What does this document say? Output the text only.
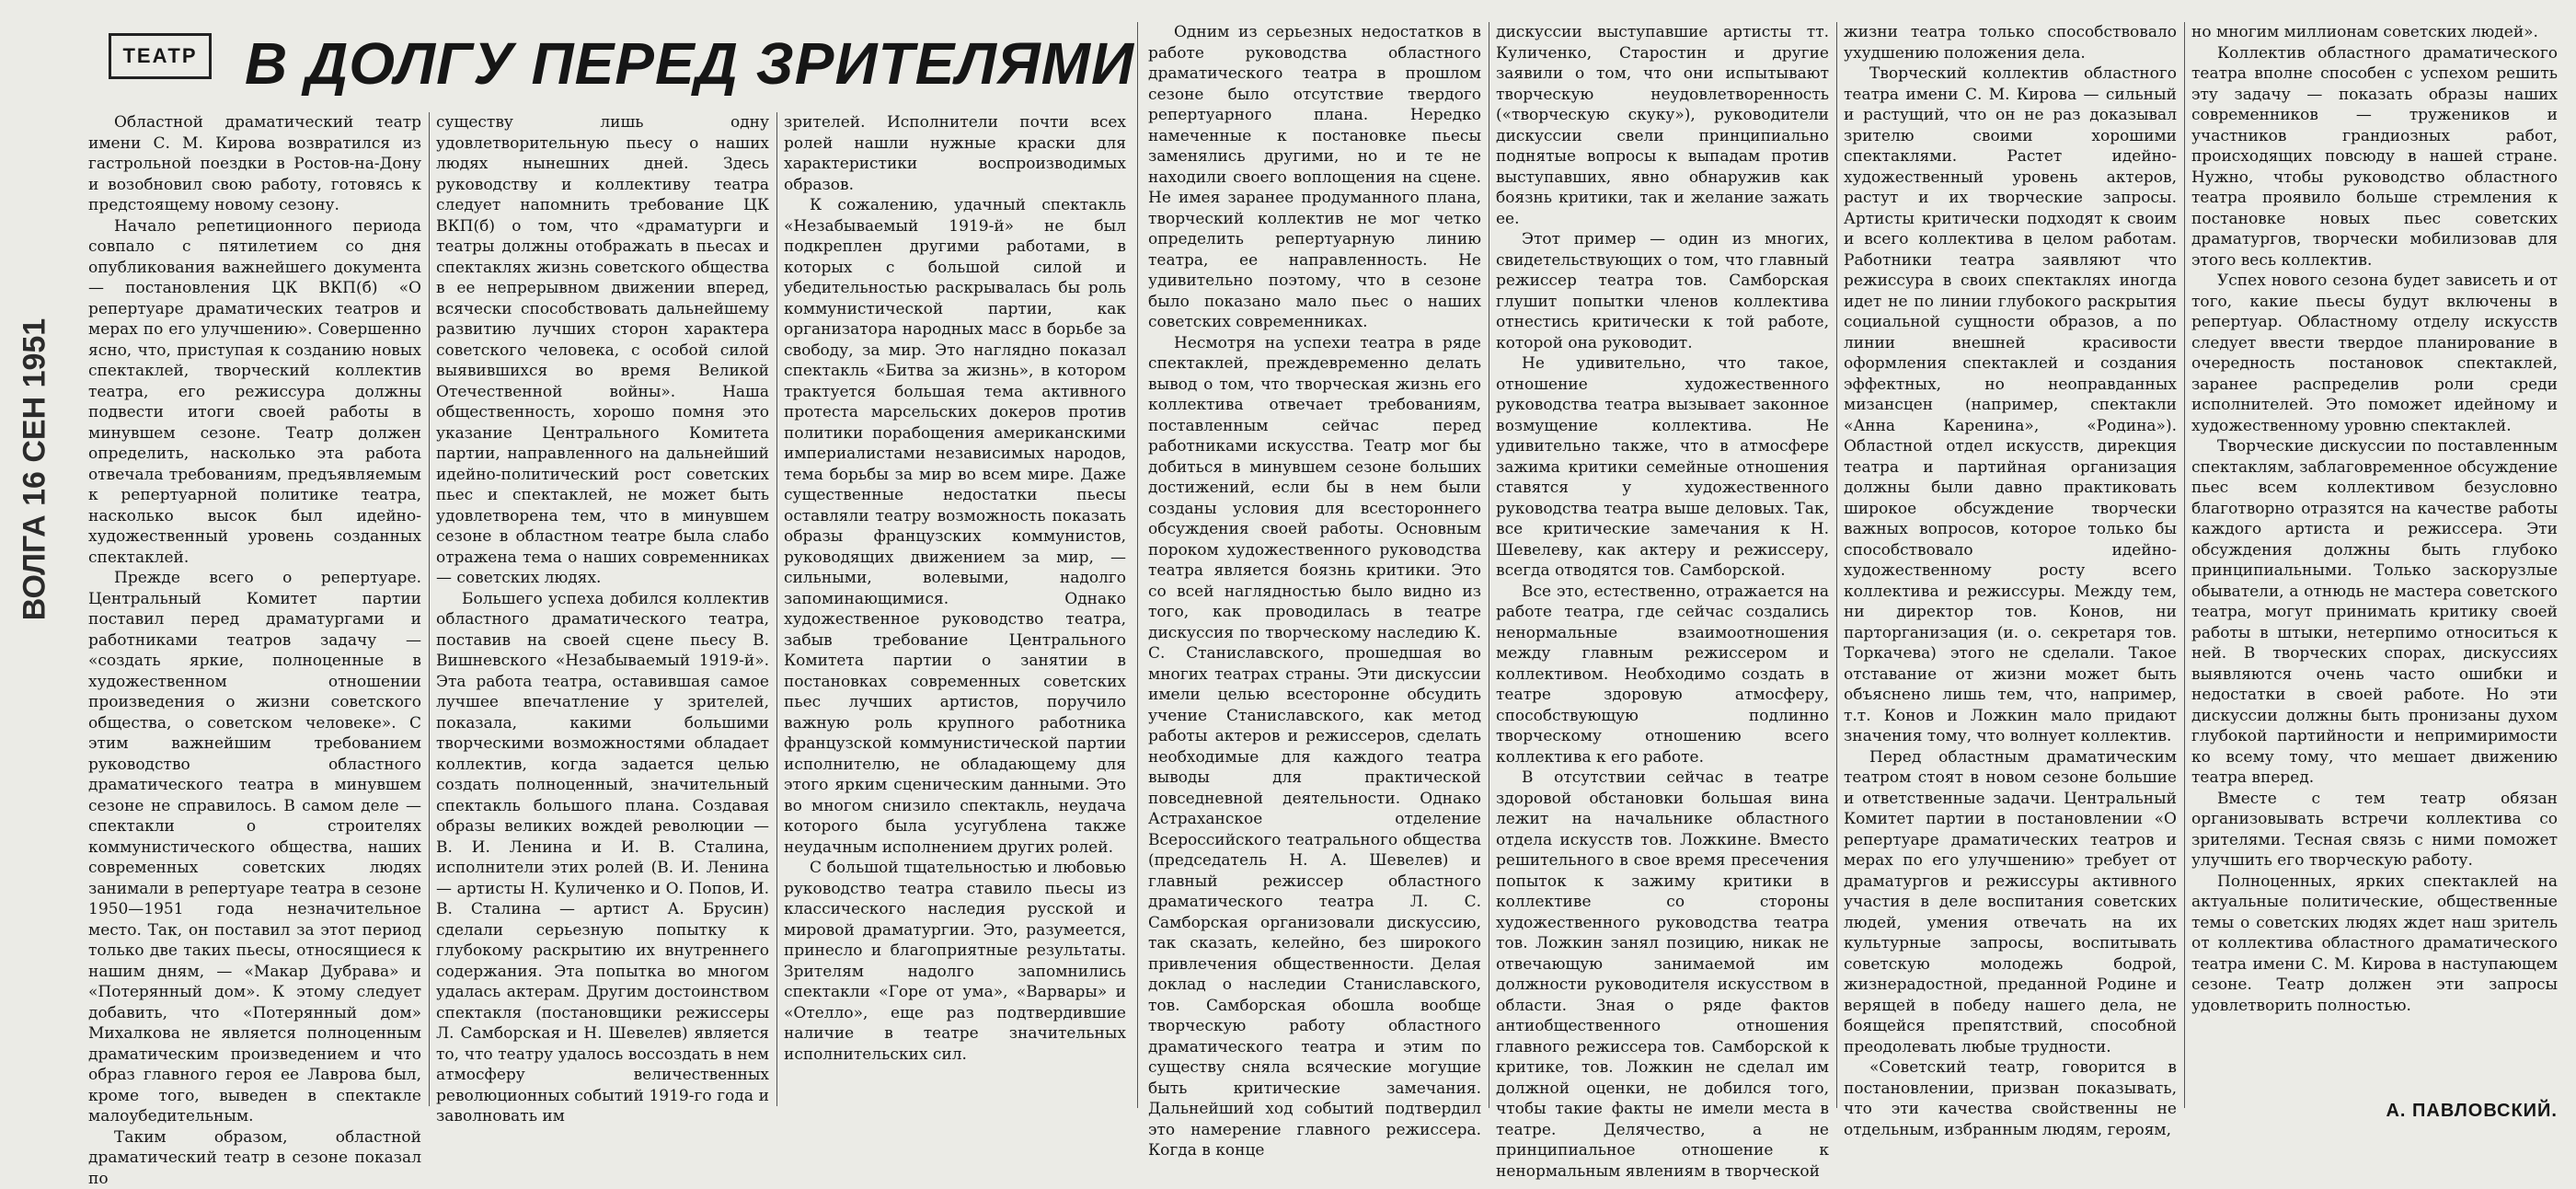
ТЕАТР В ДОЛГУ ПЕРЕД ЗРИТЕЛЯМИ
ВОЛГА 16 СЕН 1951

Областной драматический театр имени С. М. Кирова возвратился из гастрольной поездки в Ростов-на-Дону и возобновил свою работу, готовясь к предстоящему новому сезону.

Начало репетиционного периода совпало с пятилетием со дня опубликования важнейшего документа — постановления ЦК ВКП(б) «О репертуаре драматических театров и мерах по его улучшению». Совершенно ясно, что, приступая к созданию новых спектаклей, творческий коллектив театра, его режиссура должны подвести итоги своей работы в минувшем сезоне. Театр должен определить, насколько эта работа отвечала требованиям, предъявляемым к репертуарной политике театра, насколько высок был идейно-художественный уровень созданных спектаклей.

Прежде всего о репертуаре. Центральный Комитет партии поставил перед драматургами и работниками театров задачу — «создать яркие, полноценные в художественном отношении произведения о жизни советского общества, о советском человеке». С этим важнейшим требованием руководство областного драматического театра в минувшем сезоне не справилось. В самом деле — спектакли о строителях коммунистического общества, наших современных советских людях занимали в репертуаре театра в сезоне 1950—1951 года незначительное место. Так, он поставил за этот период только две таких пьесы, относящиеся к нашим дням, — «Макар Дубрава» и «Потерянный дом». К этому следует добавить, что «Потерянный дом» Михалкова не является полноценным драматическим произведением и что образ главного героя ее Лаврова был, кроме того, выведен в спектакле малоубедительным.

Таким образом, областной драматический театр в сезоне показал по

существу лишь одну удовлетворительную пьесу о наших людях нынешних дней. Здесь руководству и коллективу театра следует напомнить требование ЦК ВКП(б) о том, что «драматурги и театры должны отображать в пьесах и спектаклях жизнь советского общества в ее непрерывном движении вперед, всячески способствовать дальнейшему развитию лучших сторон характера советского человека, с особой силой выявившихся во время Великой Отечественной войны». Наша общественность, хорошо помня это указание Центрального Комитета партии, направленного на дальнейший идейно-политический рост советских пьес и спектаклей, не может быть удовлетворена тем, что в минувшем сезоне в областном театре была слабо отражена тема о наших современниках — советских людях.

Большего успеха добился коллектив областного драматического театра, поставив на своей сцене пьесу В. Вишневского «Незабываемый 1919-й». Эта работа театра, оставившая самое лучшее впечатление у зрителей, показала, какими большими творческими возможностями обладает коллектив, когда задается целью создать полноценный, значительный спектакль большого плана. Создавая образы великих вождей революции — В. И. Ленина и И. В. Сталина, исполнители этих ролей (В. И. Ленина — артисты Н. Куличенко и О. Попов, И. В. Сталина — артист А. Брусин) сделали серьезную попытку к глубокому раскрытию их внутреннего содержания. Эта попытка во многом удалась актерам. Другим достоинством спектакля (постановщики режиссеры Л. Самборская и Н. Шевелев) является то, что театру удалось воссоздать в нем атмосферу величественных революционных событий 1919-го года и заволновать им

зрителей. Исполнители почти всех ролей нашли нужные краски для характеристики воспроизводимых образов.

К сожалению, удачный спектакль «Незабываемый 1919-й» не был подкреплен другими работами, в которых с большой силой и убедительностью раскрывалась бы роль коммунистической партии, как организатора народных масс в борьбе за свободу, за мир. Это наглядно показал спектакль «Битва за жизнь», в котором трактуется большая тема активного протеста марсельских докеров против политики порабощения американскими империалистами независимых народов, тема борьбы за мир во всем мире. Даже существенные недостатки пьесы оставляли театру возможность показать образы французских коммунистов, руководящих движением за мир, — сильными, волевыми, надолго запоминающимися. Однако художественное руководство театра, забыв требование Центрального Комитета партии о занятии в постановках современных советских пьес лучших артистов, поручило важную роль крупного работника французской коммунистической партии исполнителю, не обладающему для этого ярким сценическим данными. Это во многом снизило спектакль, неудача которого была усугублена также неудачным исполнением других ролей.

С большой тщательностью и любовью руководство театра ставило пьесы из классического наследия русской и мировой драматургии. Это, разумеется, принесло и благоприятные результаты. Зрителям надолго запомнились спектакли «Горе от ума», «Варвары» и «Отелло», еще раз подтвердившие наличие в театре значительных исполнительских сил.

Одним из серьезных недостатков в работе руководства областного драматического театра в прошлом сезоне было отсутствие твердого репертуарного плана. Нередко намеченные к постановке пьесы заменялись другими, но и те не находили своего воплощения на сцене. Не имея заранее продуманного плана, творческий коллектив не мог четко определить репертуарную линию театра, ее направленность. Не удивительно поэтому, что в сезоне было показано мало пьес о наших советских современниках.

Несмотря на успехи театра в ряде спектаклей, преждевременно делать вывод о том, что творческая жизнь его коллектива отвечает требованиям, поставленным сейчас перед работниками искусства. Театр мог бы добиться в минувшем сезоне больших достижений, если бы в нем были созданы условия для всестороннего обсуждения своей работы. Основным пороком художественного руководства театра является боязнь критики. Это со всей наглядностью было видно из того, как проводилась в театре дискуссия по творческому наследию К. С. Станиславского, прошедшая во многих театрах страны. Эти дискуссии имели целью всесторонне обсудить учение Станиславского, как метод работы актеров и режиссеров, сделать необходимые для каждого театра выводы для практической повседневной деятельности. Однако Астраханское отделение Всероссийского театрального общества (председатель Н. А. Шевелев) и главный режиссер областного драматического театра Л. С. Самборская организовали дискуссию, так сказать, келейно, без широкого привлечения общественности. Делая доклад о наследии Станиславского, тов. Самборская обошла вообще творческую работу областного драматического театра и этим по существу сняла всяческие могущие быть критические замечания. Дальнейший ход событий подтвердил это намерение главного режиссера. Когда в конце

дискуссии выступавшие артисты тт. Куличенко, Старостин и другие заявили о том, что они испытывают творческую неудовлетворенность («творческую скуку»), руководители дискуссии свели принципиально поднятые вопросы к выпадам против выступавших, явно обнаружив как боязнь критики, так и желание зажать ее.

Этот пример — один из многих, свидетельствующих о том, что главный режиссер театра тов. Самборская глушит попытки членов коллектива отнестись критически к той работе, которой она руководит.

Не удивительно, что такое, отношение художественного руководства театра вызывает законное возмущение коллектива. Не удивительно также, что в атмосфере зажима критики семейные отношения ставятся у художественного руководства театра выше деловых. Так, все критические замечания к Н. Шевелеву, как актеру и режиссеру, всегда отводятся тов. Самборской.

Все это, естественно, отражается на работе театра, где сейчас создались ненормальные взаимоотношения между главным режиссером и коллективом. Необходимо создать в театре здоровую атмосферу, способствующую подлинно творческому отношению всего коллектива к его работе.

В отсутствии сейчас в театре здоровой обстановки большая вина лежит на начальнике областного отдела искусств тов. Ложкине. Вместо решительного в свое время пресечения попыток к зажиму критики в коллективе со стороны художественного руководства театра тов. Ложкин занял позицию, никак не отвечающую занимаемой им должности руководителя искусством в области. Зная о ряде фактов антиобщественного отношения главного режиссера тов. Самборской к критике, тов. Ложкин не сделал им должной оценки, не добился того, чтобы такие факты не имели места в театре. Делячество, а не принципиальное отношение к ненормальным явлениям в творческой

жизни театра только способствовало ухудшению положения дела.

Творческий коллектив областного театра имени С. М. Кирова — сильный и растущий, что он не раз доказывал зрителю своими хорошими спектаклями. Растет идейно-художественный уровень актеров, растут и их творческие запросы. Артисты критически подходят к своим и всего коллектива в целом работам. Работники театра заявляют что режиссура в своих спектаклях иногда идет не по линии глубокого раскрытия социальной сущности образов, а по линии внешней красивости оформления спектаклей и создания эффектных, но неоправданных мизансцен (например, спектакли «Анна Каренина», «Родина»). Областной отдел искусств, дирекция театра и партийная организация должны были давно практиковать широкое обсуждение творчески важных вопросов, которое только бы способствовало идейно-художественному росту всего коллектива и режиссуры. Между тем, ни директор тов. Конов, ни парторганизация (и. о. секретаря тов. Торкачева) этого не сделали. Такое отставание от жизни может быть объяснено лишь тем, что, например, т.т. Конов и Ложкин мало придают значения тому, что волнует коллектив.

Перед областным драматическим театром стоят в новом сезоне большие и ответственные задачи. Центральный Комитет партии в постановлении «О репертуаре драматических театров и мерах по его улучшению» требует от драматургов и режиссуры активного участия в деле воспитания советских людей, умения отвечать на их культурные запросы, воспитывать советскую молодежь бодрой, жизнерадостной, преданной Родине и верящей в победу нашего дела, не боящейся препятствий, способной преодолевать любые трудности.

«Советский театр, говорится в постановлении, призван показывать, что эти качества свойственны не отдельным, избранным людям, героям,

но многим миллионам советских людей».

Коллектив областного драматического театра вполне способен с успехом решить эту задачу — показать образы наших современников — тружеников и участников грандиозных работ, происходящих повсюду в нашей стране. Нужно, чтобы руководство областного театра проявило больше стремления к постановке новых пьес советских драматургов, творчески мобилизовав для этого весь коллектив.

Успех нового сезона будет зависеть и от того, какие пьесы будут включены в репертуар. Областному отделу искусств следует ввести твердое планирование в очередность постановок спектаклей, заранее распределив роли среди исполнителей. Это поможет идейному и художественному уровню спектаклей.

Творческие дискуссии по поставленным спектаклям, заблаговременное обсуждение пьес всем коллективом безусловно благотворно отразятся на качестве работы каждого артиста и режиссера. Эти обсуждения должны быть глубоко принципиальными. Только заскорузлые обыватели, а отнюдь не мастера советского театра, могут принимать критику своей работы в штыки, нетерпимо относиться к ней. В творческих спорах, дискуссиях выявляются очень часто ошибки и недостатки в своей работе. Но эти дискуссии должны быть пронизаны духом глубокой партийности и непримиримости ко всему тому, что мешает движению театра вперед.

Вместе с тем театр обязан организовывать встречи коллектива со зрителями. Тесная связь с ними поможет улучшить его творческую работу.

Полноценных, ярких спектаклей на актуальные политические, общественные темы о советских людях ждет наш зритель от коллектива областного драматического театра имени С. М. Кирова в наступающем сезоне. Театр должен эти запросы удовлетворить полностью.

А. ПАВЛОВСКИЙ.
